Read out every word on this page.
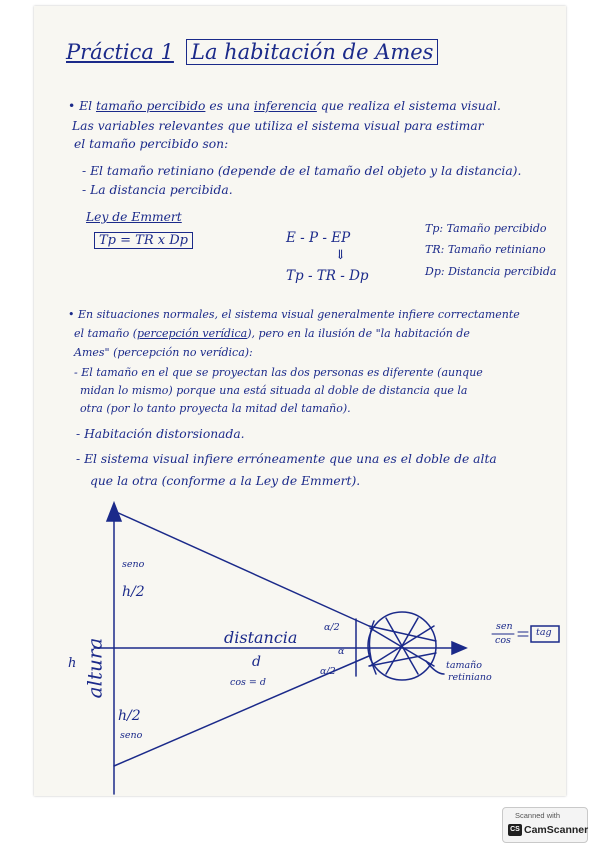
Práctica 1 La habitación de Ames
• El tamaño percibido es una inferencia que realiza el sistema visual.
Las variables relevantes que utiliza el sistema visual para estimar
el tamaño percibido son:
- El tamaño retiniano (depende de el tamaño del objeto y la distancia).
- La distancia percibida.
Ley de Emmert
Tp = TR x Dp	E - P - EP
⇓
Tp - TR - Dp
Tp: Tamaño percibido
TR: Tamaño retiniano
Dp: Distancia percibida
• En situaciones normales, el sistema visual generalmente infiere correctamente
el tamaño (percepción verídica), pero en la ilusión de "la habitación de
Ames" (percepción no verídica):
- El tamaño en el que se proyectan las dos personas es diferente (aunque
midan lo mismo) porque una está situada al doble de distancia que la
otra (por lo tanto proyecta la mitad del tamaño).
- Habitación distorsionada.
- El sistema visual infiere erróneamente que una es el doble de alta
que la otra (conforme a la Ley de Emmert).
seno
h/2
h altura
distancia
d
cos = d
h/2
seno
α/2
α
α/2
tamaño
retiniano
sen
cos
tag
Scanned with
CS CamScanner
